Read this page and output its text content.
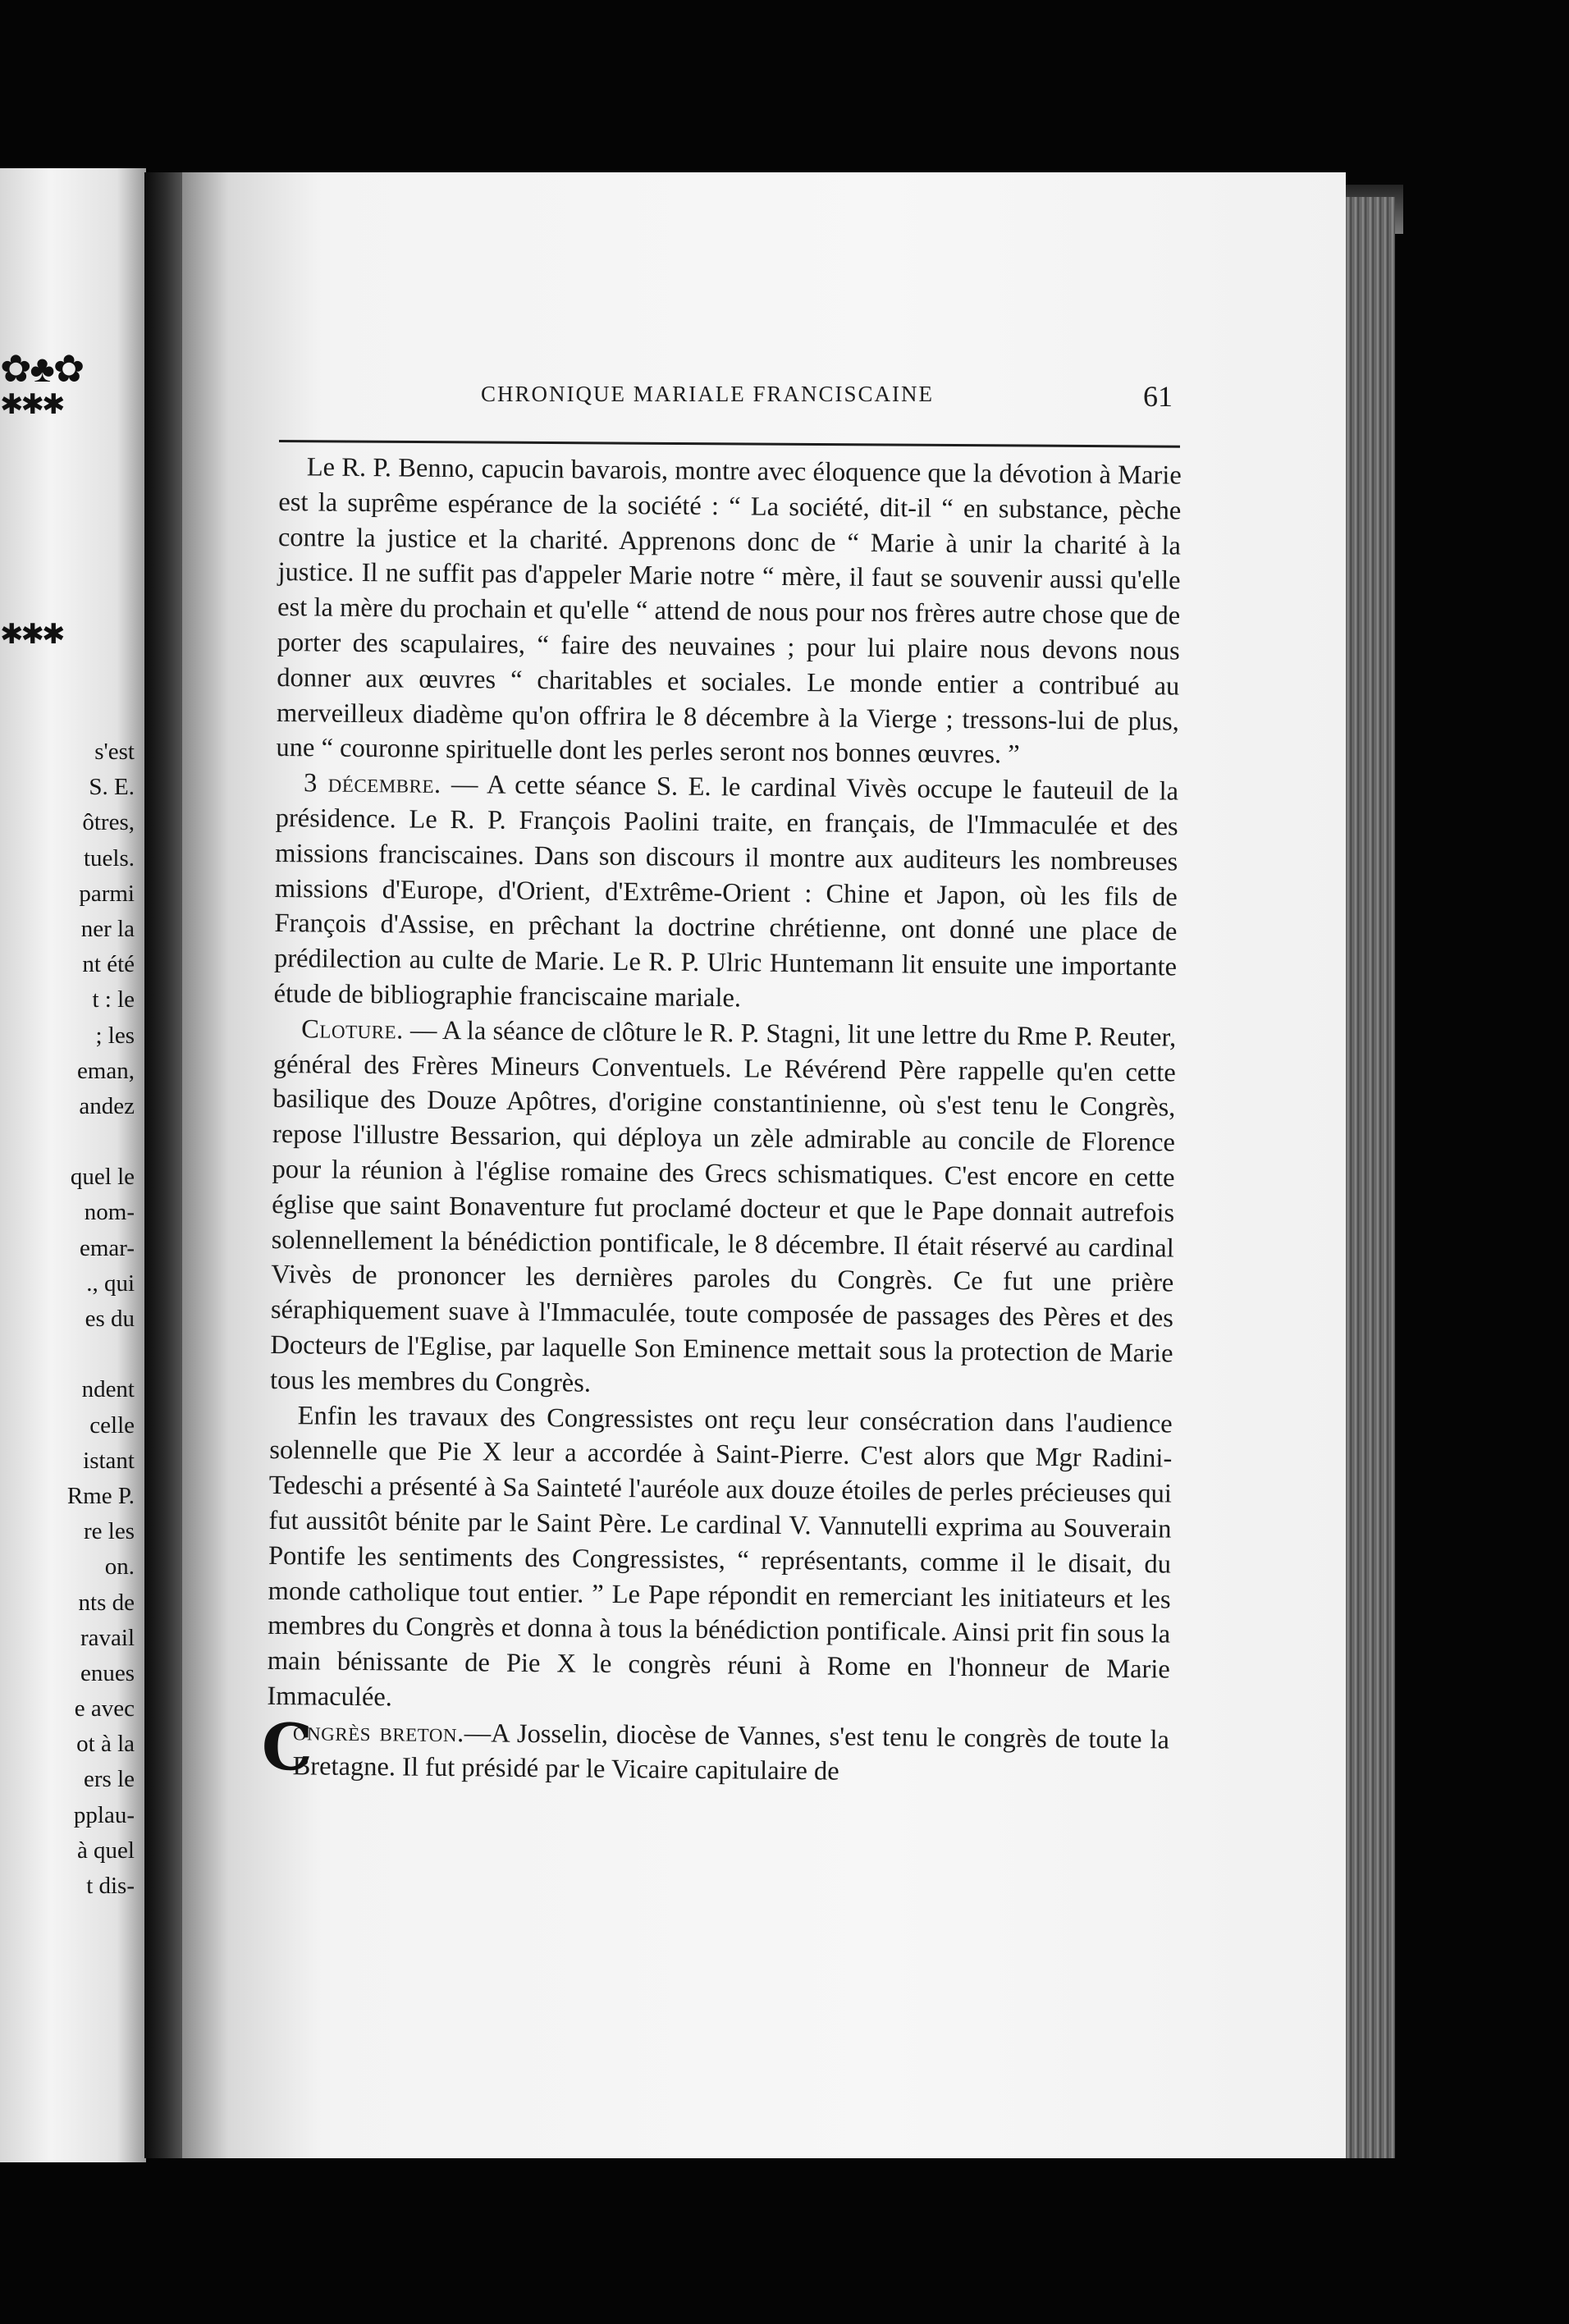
✿♣✿
✱✱✱
✱✱✱
s'est
S. E.
ôtres,
tuels.
parmi
ner la
nt été
t : le
; les
eman,
andez
quel le
nom-
emar-
., qui
es du
ndent
celle
istant
Rme P.
re les
on.
nts de
ravail
enues
e avec
ot à la
ers le
pplau-
à quel
t dis-
CHRONIQUE MARIALE FRANCISCAINE	61

Le R. P. Benno, capucin bavarois, montre avec éloquence que la dévotion à Marie est la suprême espérance de la société : “ La société, dit-il “ en substance, pèche contre la justice et la charité. Apprenons donc de “ Marie à unir la charité à la justice. Il ne suffit pas d'appeler Marie notre “ mère, il faut se souvenir aussi qu'elle est la mère du prochain et qu'elle “ attend de nous pour nos frères autre chose que de porter des scapulaires, “ faire des neuvaines ; pour lui plaire nous devons nous donner aux œuvres “ charitables et sociales. Le monde entier a contribué au merveilleux diadème qu'on offrira le 8 décembre à la Vierge ; tressons-lui de plus, une “ couronne spirituelle dont les perles seront nos bonnes œuvres. ”

3 décembre. — A cette séance S. E. le cardinal Vivès occupe le fauteuil de la présidence. Le R. P. François Paolini traite, en français, de l'Immaculée et des missions franciscaines. Dans son discours il montre aux auditeurs les nombreuses missions d'Europe, d'Orient, d'Extrême-Orient : Chine et Japon, où les fils de François d'Assise, en prêchant la doctrine chrétienne, ont donné une place de prédilection au culte de Marie. Le R. P. Ulric Huntemann lit ensuite une importante étude de bibliographie franciscaine mariale.

Cloture. — A la séance de clôture le R. P. Stagni, lit une lettre du Rme P. Reuter, général des Frères Mineurs Conventuels. Le Révérend Père rappelle qu'en cette basilique des Douze Apôtres, d'origine constantinienne, où s'est tenu le Congrès, repose l'illustre Bessarion, qui déploya un zèle admirable au concile de Florence pour la réunion à l'église romaine des Grecs schismatiques. C'est encore en cette église que saint Bonaventure fut proclamé docteur et que le Pape donnait autrefois solennellement la bénédiction pontificale, le 8 décembre. Il était réservé au cardinal Vivès de prononcer les dernières paroles du Congrès. Ce fut une prière séraphiquement suave à l'Immaculée, toute composée de passages des Pères et des Docteurs de l'Eglise, par laquelle Son Eminence mettait sous la protection de Marie tous les membres du Congrès.

Enfin les travaux des Congressistes ont reçu leur consécration dans l'audience solennelle que Pie X leur a accordée à Saint-Pierre. C'est alors que Mgr Radini-Tedeschi a présenté à Sa Sainteté l'auréole aux douze étoiles de perles précieuses qui fut aussitôt bénite par le Saint Père. Le cardinal V. Vannutelli exprima au Souverain Pontife les sentiments des Congressistes, “ représentants, comme il le disait, du monde catholique tout entier. ” Le Pape répondit en remerciant les initiateurs et les membres du Congrès et donna à tous la bénédiction pontificale. Ainsi prit fin sous la main bénissante de Pie X le congrès réuni à Rome en l'honneur de Marie Immaculée.

C
ongrès breton.—A Josselin, diocèse de Vannes, s'est tenu le congrès de toute la Bretagne. Il fut présidé par le Vicaire capitulaire de
